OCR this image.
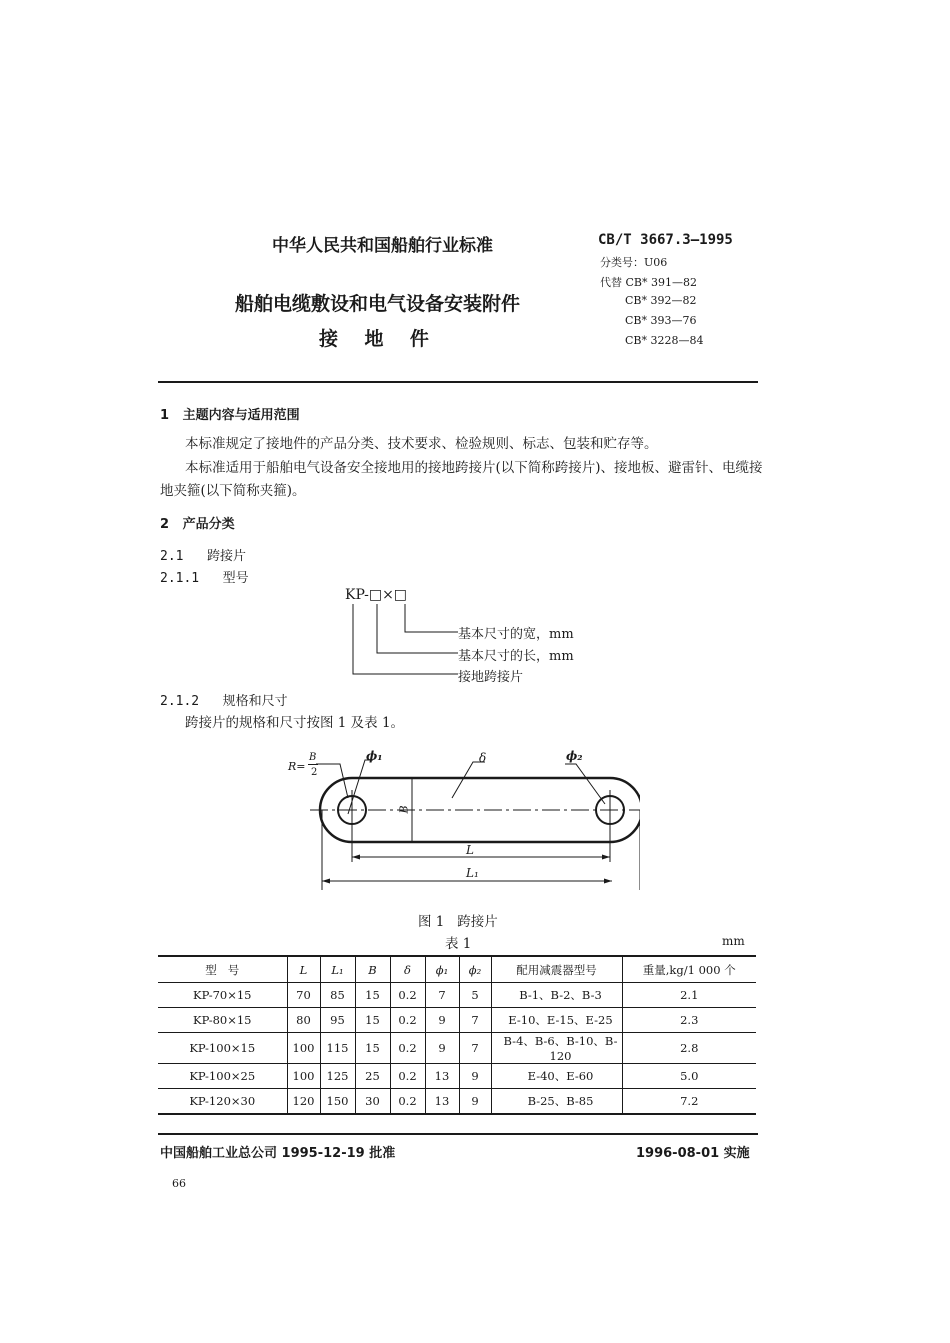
中华人民共和国船舶行业标准
船舶电缆敷设和电气设备安装附件
接    地    件
CB/T 3667.3—1995
分类号：U06
代替 CB* 391—82
CB* 392—82
CB* 393—76
CB* 3228—84
1   主题内容与适用范围
本标准规定了接地件的产品分类、技术要求、检验规则、标志、包装和贮存等。
本标准适用于船舶电气设备安全接地用的接地跨接片(以下简称跨接片)、接地板、避雷针、电缆接
地夹箍(以下简称夹箍)。
2   产品分类
2.1   跨接片
2.1.1   型号
KP-□×□
基本尺寸的宽，mm
基本尺寸的长，mm
接地跨接片
2.1.2   规格和尺寸
跨接片的规格和尺寸按图 1 及表 1。
R=
B
2
ϕ₁	δ	ϕ₂
B
L
L₁
图 1   跨接片
表 1	mm
型   号	L	L₁	B	δ	ϕ₁	ϕ₂	配用减震器型号	重量,kg/1 000 个
KP-70×15	70	85	15	0.2	7	5	B-1、B-2、B-3	2.1
KP-80×15	80	95	15	0.2	9	7	E-10、E-15、E-25	2.3
KP-100×15	100	115	15	0.2	9	7	B-4、B-6、B-10、B-120	2.8
KP-100×25	100	125	25	0.2	13	9	E-40、E-60	5.0
KP-120×30	120	150	30	0.2	13	9	B-25、B-85	7.2
中国船舶工业总公司 1995-12-19 批准	1996-08-01 实施
66
